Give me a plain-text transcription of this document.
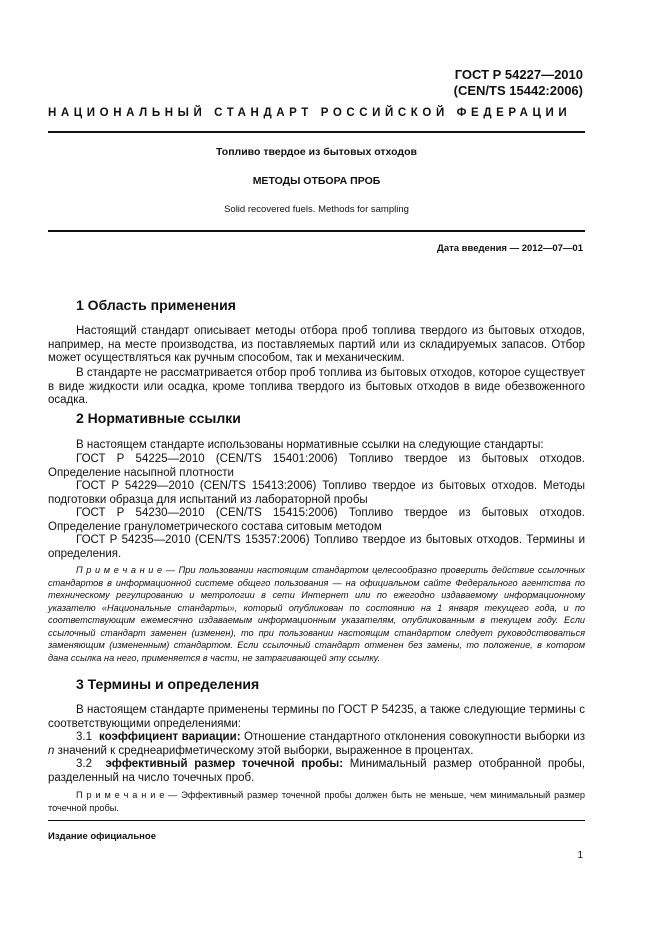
ГОСТ Р 54227—2010
(CEN/TS 15442:2006)
НАЦИОНАЛЬНЫЙ СТАНДАРТ РОССИЙСКОЙ ФЕДЕРАЦИИ
Топливо твердое из бытовых отходов
МЕТОДЫ ОТБОРА ПРОБ
Solid recovered fuels. Methods for sampling
Дата введения — 2012—07—01
1 Область применения
Настоящий стандарт описывает методы отбора проб топлива твердого из бытовых отходов, например, на месте производства, из поставляемых партий или из складируемых запасов. Отбор может осуществляться как ручным способом, так и механическим.
В стандарте не рассматривается отбор проб топлива из бытовых отходов, которое существует в виде жидкости или осадка, кроме топлива твердого из бытовых отходов в виде обезвоженного осадка.
2 Нормативные ссылки
В настоящем стандарте использованы нормативные ссылки на следующие стандарты:
ГОСТ Р 54225—2010 (CEN/TS 15401:2006) Топливо твердое из бытовых отходов. Определение насыпной плотности
ГОСТ Р 54229—2010 (CEN/TS 15413:2006) Топливо твердое из бытовых отходов. Методы подготовки образца для испытаний из лабораторной пробы
ГОСТ Р 54230—2010 (CEN/TS 15415:2006) Топливо твердое из бытовых отходов. Определение гранулометрического состава ситовым методом
ГОСТ Р 54235—2010 (CEN/TS 15357:2006) Топливо твердое из бытовых отходов. Термины и определения.
П р и м е ч а н и е — При пользовании настоящим стандартом целесообразно проверить действие ссылочных стандартов в информационной системе общего пользования — на официальном сайте Федерального агентства по техническому регулированию и метрологии в сети Интернет или по ежегодно издаваемому информационному указателю «Национальные стандарты», который опубликован по состоянию на 1 января текущего года, и по соответствующим ежемесячно издаваемым информационным указателям, опубликованным в текущем году. Если ссылочный стандарт заменен (изменен), то при пользовании настоящим стандартом следует руководствоваться заменяющим (измененным) стандартом. Если ссылочный стандарт отменен без замены, то положение, в котором дана ссылка на него, применяется в части, не затрагивающей эту ссылку.
3 Термины и определения
В настоящем стандарте применены термины по ГОСТ Р 54235, а также следующие термины с соответствующими определениями:
3.1 коэффициент вариации: Отношение стандартного отклонения совокупности выборки из n значений к среднеарифметическому этой выборки, выраженное в процентах.
3.2 эффективный размер точечной пробы: Минимальный размер отобранной пробы, разделенный на число точечных проб.
П р и м е ч а н и е — Эффективный размер точечной пробы должен быть не меньше, чем минимальный размер точечной пробы.
Издание официальное
1
